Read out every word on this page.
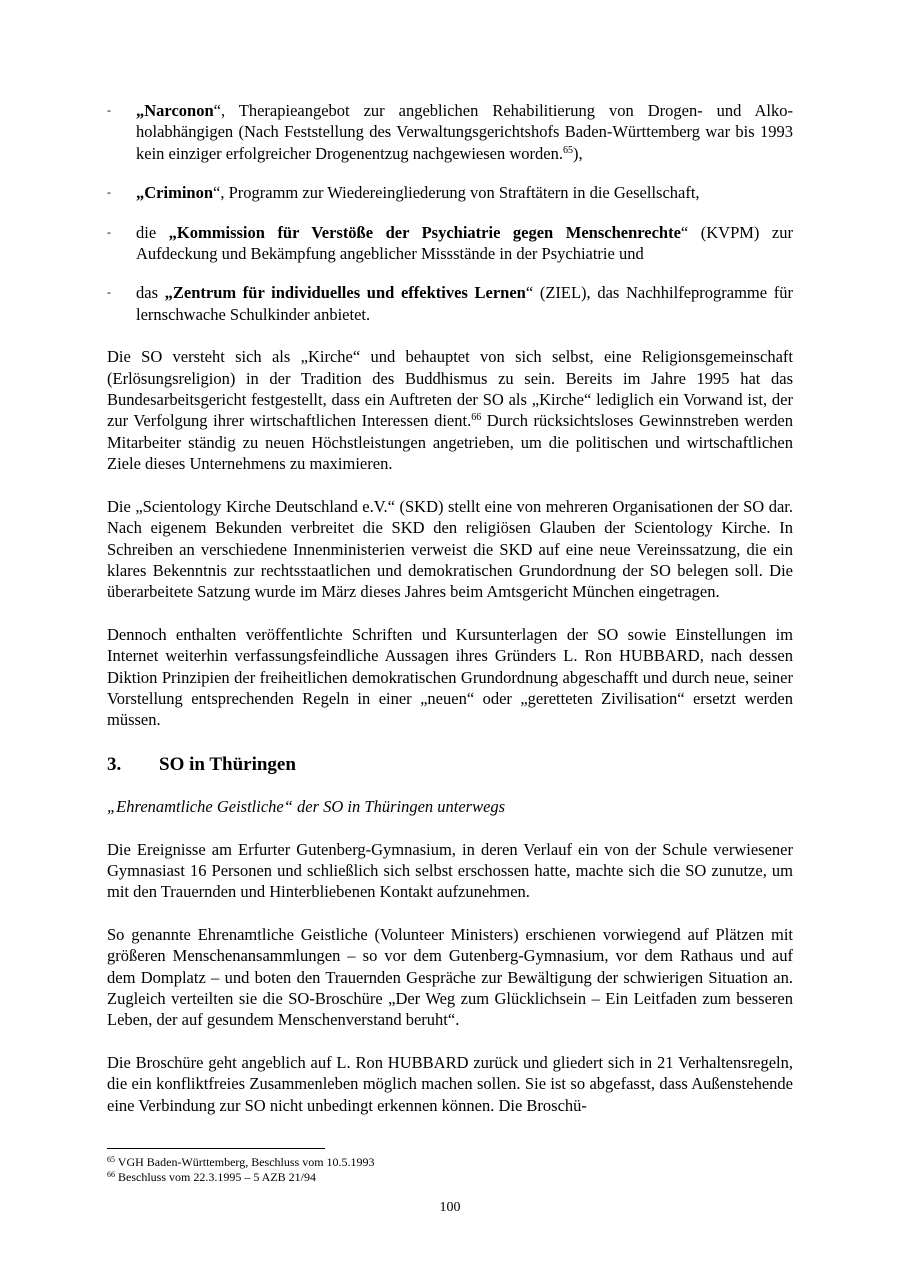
- „Narconon“, Therapieangebot zur angeblichen Rehabilitierung von Drogen- und Alkoholabhängigen (Nach Feststellung des Verwaltungsgerichtshofs Baden-Württemberg war bis 1993 kein einziger erfolgreicher Drogenentzug nachgewiesen worden.$^{65}$),
- „Criminon“, Programm zur Wiedereingliederung von Straftätern in die Gesellschaft,
- die „Kommission für Verstöße der Psychiatrie gegen Menschenrechte“ (KVPM) zur Aufdeckung und Bekämpfung angeblicher Missstände in der Psychiatrie und
- das „Zentrum für individuelles und effektives Lernen“ (ZIEL), das Nachhilfeprogramme für lernschwache Schulkinder anbietet.

Die SO versteht sich als „Kirche“ und behauptet von sich selbst, eine Religionsgemeinschaft (Erlösungsreligion) in der Tradition des Buddhismus zu sein. Bereits im Jahre 1995 hat das Bundesarbeitsgericht festgestellt, dass ein Auftreten der SO als „Kirche“ lediglich ein Vorwand ist, der zur Verfolgung ihrer wirtschaftlichen Interessen dient.$^{66}$ Durch rücksichtsloses Gewinnstreben werden Mitarbeiter ständig zu neuen Höchstleistungen angetrieben, um die politischen und wirtschaftlichen Ziele dieses Unternehmens zu maximieren.

Die „Scientology Kirche Deutschland e.V.“ (SKD) stellt eine von mehreren Organisationen der SO dar. Nach eigenem Bekunden verbreitet die SKD den religiösen Glauben der Scientology Kirche. In Schreiben an verschiedene Innenministerien verweist die SKD auf eine neue Vereinssatzung, die ein klares Bekenntnis zur rechtsstaatlichen und demokratischen Grundordnung der SO belegen soll. Die überarbeitete Satzung wurde im März dieses Jahres beim Amtsgericht München eingetragen.

Dennoch enthalten veröffentlichte Schriften und Kursunterlagen der SO sowie Einstellungen im Internet weiterhin verfassungsfeindliche Aussagen ihres Gründers L. Ron HUBBARD, nach dessen Diktion Prinzipien der freiheitlichen demokratischen Grundordnung abgeschafft und durch neue, seiner Vorstellung entsprechenden Regeln in einer „neuen“ oder „geretteten Zivilisation“ ersetzt werden müssen.

3.	SO in Thüringen

„Ehrenamtliche Geistliche“ der SO in Thüringen unterwegs

Die Ereignisse am Erfurter Gutenberg-Gymnasium, in deren Verlauf ein von der Schule verwiesener Gymnasiast 16 Personen und schließlich sich selbst erschossen hatte, machte sich die SO zunutze, um mit den Trauernden und Hinterbliebenen Kontakt aufzunehmen.

So genannte Ehrenamtliche Geistliche (Volunteer Ministers) erschienen vorwiegend auf Plätzen mit größeren Menschenansammlungen – so vor dem Gutenberg-Gymnasium, vor dem Rathaus und auf dem Domplatz – und boten den Trauernden Gespräche zur Bewältigung der schwierigen Situation an. Zugleich verteilten sie die SO-Broschüre „Der Weg zum Glücklichsein – Ein Leitfaden zum besseren Leben, der auf gesundem Menschenverstand beruht“.

Die Broschüre geht angeblich auf L. Ron HUBBARD zurück und gliedert sich in 21 Verhaltensregeln, die ein konfliktfreies Zusammenleben möglich machen sollen. Sie ist so abgefasst, dass Außenstehende eine Verbindung zur SO nicht unbedingt erkennen können. Die Broschü-

$^{65}$ VGH Baden-Württemberg, Beschluss vom 10.5.1993
$^{66}$ Beschluss vom 22.3.1995 – 5 AZB 21/94
100
